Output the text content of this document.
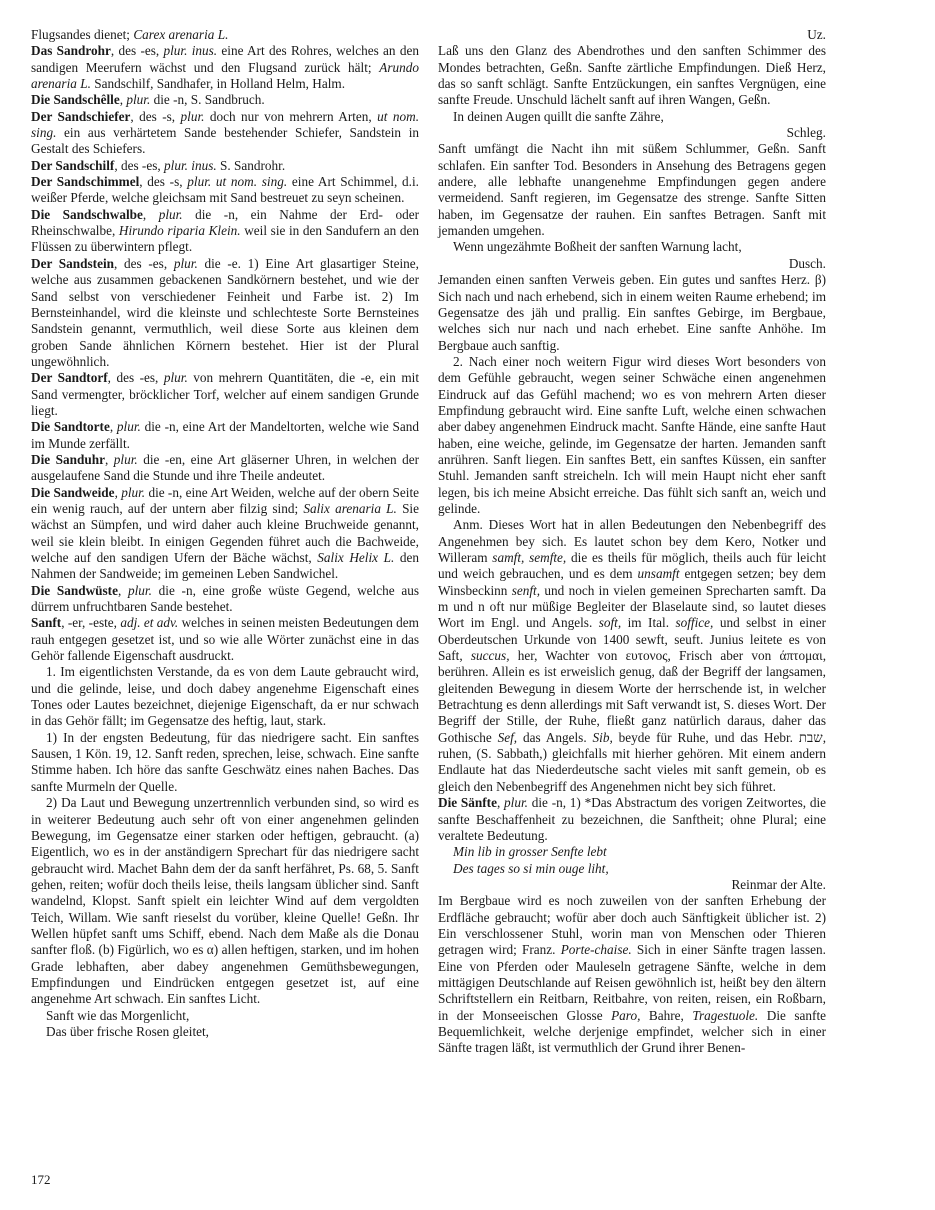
Flugsandes dienet; Carex arenaria L.

Das Sandrohr, des -es, plur. inus. eine Art des Rohres, welches an den sandigen Meerufern wächst und den Flugsand zurück hält; Arundo arenaria L. Sandschilf, Sandhafer, in Holland Helm, Halm.

Die Sandschêlle, plur. die -n, S. Sandbruch.

Der Sandschiefer, des -s, plur. doch nur von mehrern Arten, ut nom. sing. ein aus verhärtetem Sande bestehender Schiefer, Sandstein in Gestalt des Schiefers.

Der Sandschilf, des -es, plur. inus. S. Sandrohr.

Der Sandschimmel, des -s, plur. ut nom. sing. eine Art Schimmel, d.i. weißer Pferde, welche gleichsam mit Sand bestreuet zu seyn scheinen.

Die Sandschwalbe, plur. die -n, ein Nahme der Erd- oder Rheinschwalbe, Hirundo riparia Klein. weil sie in den Sandufern an den Flüssen zu überwintern pflegt.

Der Sandstein, des -es, plur. die -e. 1) Eine Art glasartiger Steine, welche aus zusammen gebackenen Sandkörnern bestehet, und wie der Sand selbst von verschiedener Feinheit und Farbe ist. 2) Im Bernsteinhandel, wird die kleinste und schlechteste Sorte Bernsteines Sandstein genannt, vermuthlich, weil diese Sorte aus kleinen dem groben Sande ähnlichen Körnern bestehet. Hier ist der Plural ungewöhnlich.

Der Sandtorf, des -es, plur. von mehrern Quantitäten, die -e, ein mit Sand vermengter, bröcklicher Torf, welcher auf einem sandigen Grunde liegt.

Die Sandtorte, plur. die -n, eine Art der Mandeltorten, welche wie Sand im Munde zerfällt.

Die Sanduhr, plur. die -en, eine Art gläserner Uhren, in welchen der ausgelaufene Sand die Stunde und ihre Theile andeutet.

Die Sandweide, plur. die -n, eine Art Weiden, welche auf der obern Seite ein wenig rauch, auf der untern aber filzig sind; Salix arenaria L. Sie wächst an Sümpfen, und wird daher auch kleine Bruchweide genannt, weil sie klein bleibt. In einigen Gegenden führet auch die Bachweide, welche auf den sandigen Ufern der Bäche wächst, Salix Helix L. den Nahmen der Sandweide; im gemeinen Leben Sandwichel.

Die Sandwüste, plur. die -n, eine große wüste Gegend, welche aus dürrem unfruchtbaren Sande bestehet.

Sanft, -er, -este, adj. et adv. welches in seinen meisten Bedeutungen dem rauh entgegen gesetzet ist, und so wie alle Wörter zunächst eine in das Gehör fallende Eigenschaft ausdruckt.

1. Im eigentlichsten Verstande, da es von dem Laute gebraucht wird, und die gelinde, leise, und doch dabey angenehme Eigenschaft eines Tones oder Lautes bezeichnet, diejenige Eigenschaft, da er nur schwach in das Gehör fällt; im Gegensatze des heftig, laut, stark.

1) In der engsten Bedeutung, für das niedrigere sacht. Ein sanftes Sausen, 1 Kön. 19, 12. Sanft reden, sprechen, leise, schwach. Eine sanfte Stimme haben. Ich höre das sanfte Geschwätz eines nahen Baches. Das sanfte Murmeln der Quelle.

2) Da Laut und Bewegung unzertrennlich verbunden sind, so wird es in weiterer Bedeutung auch sehr oft von einer angenehmen gelinden Bewegung, im Gegensatze einer starken oder heftigen, gebraucht. (a) Eigentlich, wo es in der anständigern Sprechart für das niedrigere sacht gebraucht wird. Machet Bahn dem der da sanft herfähret, Ps. 68, 5. Sanft gehen, reiten; wofür doch theils leise, theils langsam üblicher sind. Sanft wandelnd, Klopst. Sanft spielt ein leichter Wind auf dem vergoldten Teich, Willam. Wie sanft rieselst du vorüber, kleine Quelle! Geßn. Ihr Wellen hüpfet sanft ums Schiff, ebend. Nach dem Maße als die Donau sanfter floß. (b) Figürlich, wo es α) allen heftigen, starken, und im hohen Grade lebhaften, aber dabey angenehmen Gemüthsbewegungen, Empfindungen und Eindrücken entgegen gesetzet ist, auf eine angenehme Art schwach. Ein sanftes Licht.

Sanft wie das Morgenlicht,

Das über frische Rosen gleitet,

Uz.

Laß uns den Glanz des Abendrothes und den sanften Schimmer des Mondes betrachten, Geßn. Sanfte zärtliche Empfindungen. Dieß Herz, das so sanft schlägt. Sanfte Entzückungen, ein sanftes Vergnügen, eine sanfte Freude. Unschuld lächelt sanft auf ihren Wangen, Geßn.

In deinen Augen quillt die sanfte Zähre,

Schleg.

Sanft umfängt die Nacht ihn mit süßem Schlummer, Geßn. Sanft schlafen. Ein sanfter Tod. Besonders in Ansehung des Betragens gegen andere, alle lebhafte unangenehme Empfindungen gegen andere vermeidend. Sanft regieren, im Gegensatze des strenge. Sanfte Sitten haben, im Gegensatze der rauhen. Ein sanftes Betragen. Sanft mit jemanden umgehen.

Wenn ungezähmte Boßheit der sanften Warnung lacht,

Dusch.

Jemanden einen sanften Verweis geben. Ein gutes und sanftes Herz. β) Sich nach und nach erhebend, sich in einem weiten Raume erhebend; im Gegensatze des jäh und prallig. Ein sanftes Gebirge, im Bergbaue, welches sich nur nach und nach erhebet. Eine sanfte Anhöhe. Im Bergbaue auch sanftig.

2. Nach einer noch weitern Figur wird dieses Wort besonders von dem Gefühle gebraucht, wegen seiner Schwäche einen angenehmen Eindruck auf das Gefühl machend; wo es von mehrern Arten dieser Empfindung gebraucht wird. Eine sanfte Luft, welche einen schwachen aber dabey angenehmen Eindruck macht. Sanfte Hände, eine sanfte Haut haben, eine weiche, gelinde, im Gegensatze der harten. Jemanden sanft anrühren. Sanft liegen. Ein sanftes Bett, ein sanftes Küssen, ein sanfter Stuhl. Jemanden sanft streicheln. Ich will mein Haupt nicht eher sanft legen, bis ich meine Absicht erreiche. Das fühlt sich sanft an, weich und gelinde.

Anm. Dieses Wort hat in allen Bedeutungen den Nebenbegriff des Angenehmen bey sich. Es lautet schon bey dem Kero, Notker und Willeram samft, semfte, die es theils für möglich, theils auch für leicht und weich gebrauchen, und es dem unsamft entgegen setzen; bey dem Winsbeckinn senft, und noch in vielen gemeinen Sprecharten samft. Da m und n oft nur müßige Begleiter der Blaselaute sind, so lautet dieses Wort im Engl. und Angels. soft, im Ital. soffice, und selbst in einer Oberdeutschen Urkunde von 1400 sewft, seuft. Junius leitete es von Saft, succus, her, Wachter von ευτονος, Frisch aber von άπτομαι, berühren. Allein es ist erweislich genug, daß der Begriff der langsamen, gleitenden Bewegung in diesem Worte der herrschende ist, in welcher Betrachtung es denn allerdings mit Saft verwandt ist, S. dieses Wort. Der Begriff der Stille, der Ruhe, fließt ganz natürlich daraus, daher das Gothische Sef, das Angels. Sib, beyde für Ruhe, und das Hebr. שבת, ruhen, (S. Sabbath,) gleichfalls mit hierher gehören. Mit einem andern Endlaute hat das Niederdeutsche sacht vieles mit sanft gemein, ob es gleich den Nebenbegriff des Angenehmen nicht bey sich führet.

Die Sänfte, plur. die -n, 1) *Das Abstractum des vorigen Zeitwortes, die sanfte Beschaffenheit zu bezeichnen, die Sanftheit; ohne Plural; eine veraltete Bedeutung.

Min lib in grosser Senfte lebt

Des tages so si min ouge liht,

Reinmar der Alte.

Im Bergbaue wird es noch zuweilen von der sanften Erhebung der Erdfläche gebraucht; wofür aber doch auch Sänftigkeit üblicher ist. 2) Ein verschlossener Stuhl, worin man von Menschen oder Thieren getragen wird; Franz. Porte-chaise. Sich in einer Sänfte tragen lassen. Eine von Pferden oder Mauleseln getragene Sänfte, welche in dem mittägigen Deutschlande auf Reisen gewöhnlich ist, heißt bey den ältern Schriftstellern ein Reitbarn, Reitbahre, von reiten, reisen, ein Roßbarn, in der Monseeischen Glosse Paro, Bahre, Tragestuole. Die sanfte Bequemlichkeit, welche derjenige empfindet, welcher sich in einer Sänfte tragen läßt, ist vermuthlich der Grund ihrer Benen-

172
